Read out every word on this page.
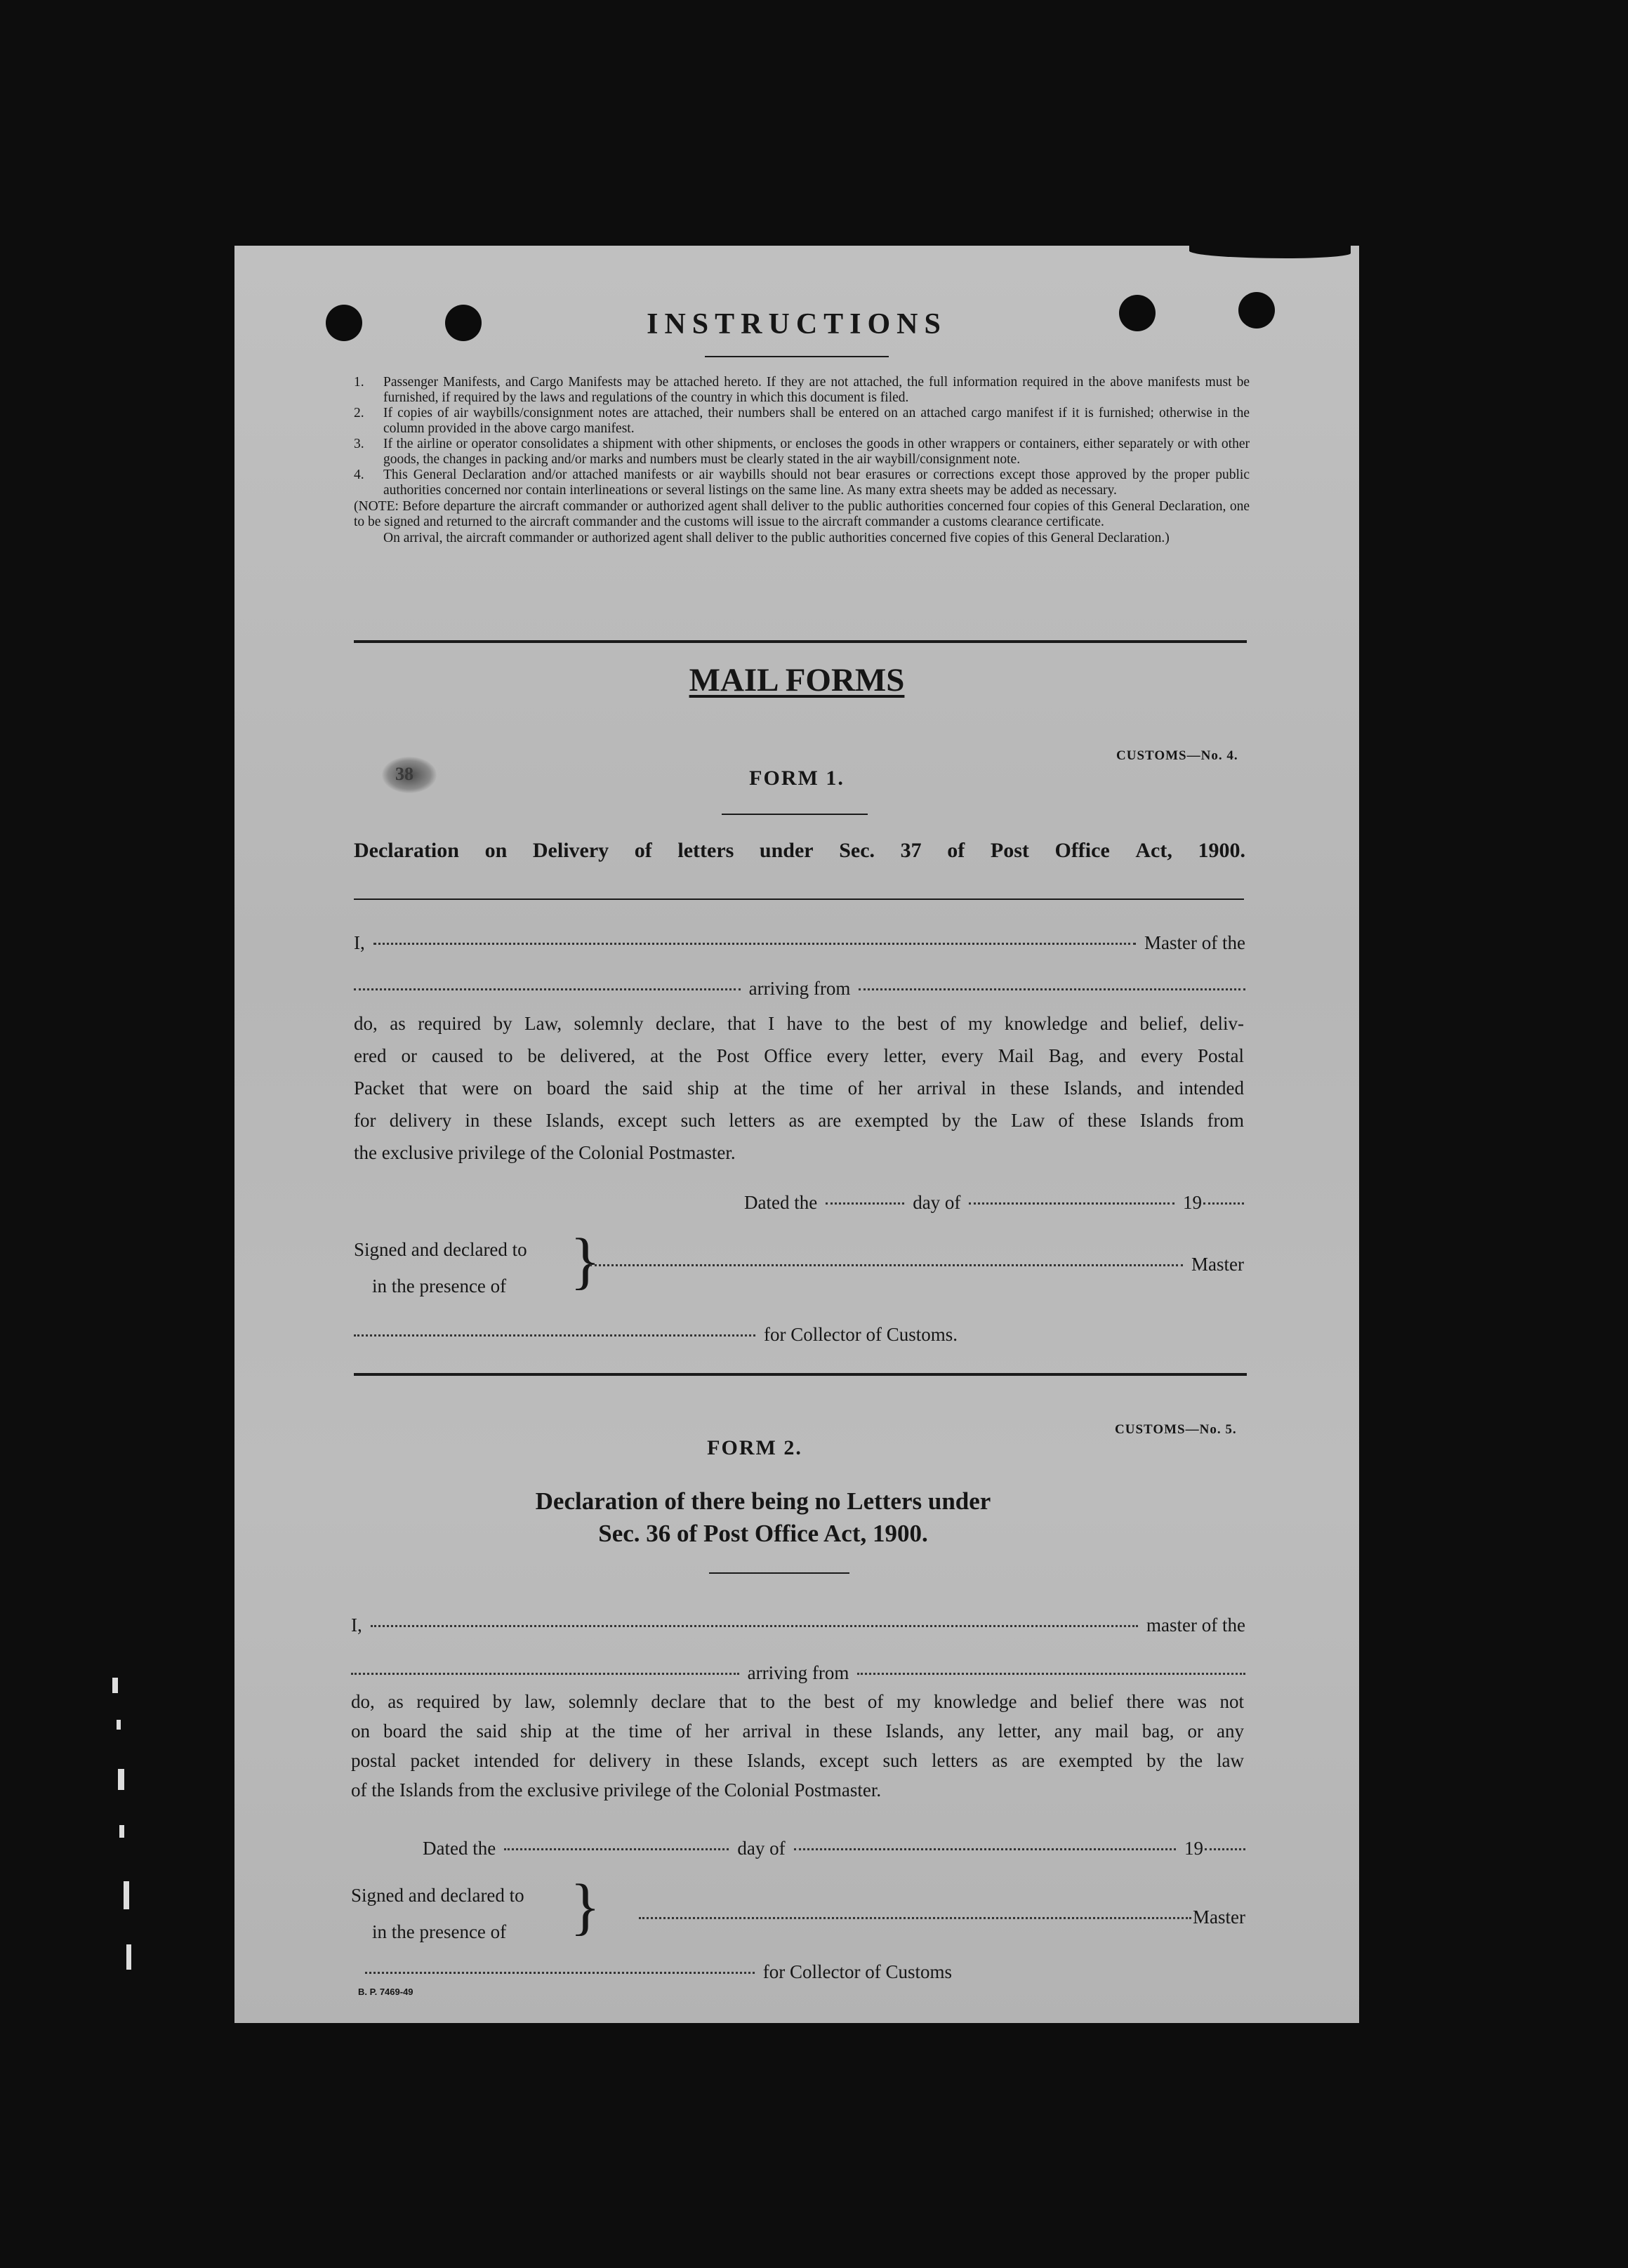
INSTRUCTIONS
1. Passenger Manifests, and Cargo Manifests may be attached hereto. If they are not attached, the full information required in the above manifests must be furnished, if required by the laws and regulations of the country in which this document is filed.
2. If copies of air waybills/consignment notes are attached, their numbers shall be entered on an attached cargo manifest if it is furnished; otherwise in the column provided in the above cargo manifest.
3. If the airline or operator consolidates a shipment with other shipments, or encloses the goods in other wrappers or containers, either separately or with other goods, the changes in packing and/or marks and numbers must be clearly stated in the air waybill/consignment note.
4. This General Declaration and/or attached manifests or air waybills should not bear erasures or corrections except those approved by the proper public authorities concerned nor contain interlineations or several listings on the same line. As many extra sheets may be added as necessary.
(NOTE: Before departure the aircraft commander or authorized agent shall deliver to the public authorities concerned four copies of this General Declaration, one to be signed and returned to the aircraft commander and the customs will issue to the aircraft commander a customs clearance certificate.
On arrival, the aircraft commander or authorized agent shall deliver to the public authorities concerned five copies of this General Declaration.)
MAIL FORMS
38
CUSTOMS—No. 4.
FORM 1.
Declaration on Delivery of letters under Sec. 37 of Post Office Act, 1900.
I,	Master of the
arriving from

do, as required by Law, solemnly declare, that I have to the best of my knowledge and belief, deliv-

ered or caused to be delivered, at the Post Office every letter, every Mail Bag, and every Postal

Packet that were on board the said ship at the time of her arrival in these Islands, and intended

for delivery in these Islands, except such letters as are exempted by the Law of these Islands from

the exclusive privilege of the Colonial Postmaster.

Dated the	day of	19
Signed and declared to
in the presence of	}	Master
for Collector of Customs.
CUSTOMS—No. 5.
FORM 2.
Declaration of there being no Letters under
Sec. 36 of Post Office Act, 1900.
I,	master of the
arriving from

do, as required by law, solemnly declare that to the best of my knowledge and belief there was not

on board the said ship at the time of her arrival in these Islands, any letter, any mail bag, or any

postal packet intended for delivery in these Islands, except such letters as are exempted by the law

of the Islands from the exclusive privilege of the Colonial Postmaster.

Dated the	day of	19
Signed and declared to
in the presence of }	Master
for Collector of Customs
B. P. 7469-49
